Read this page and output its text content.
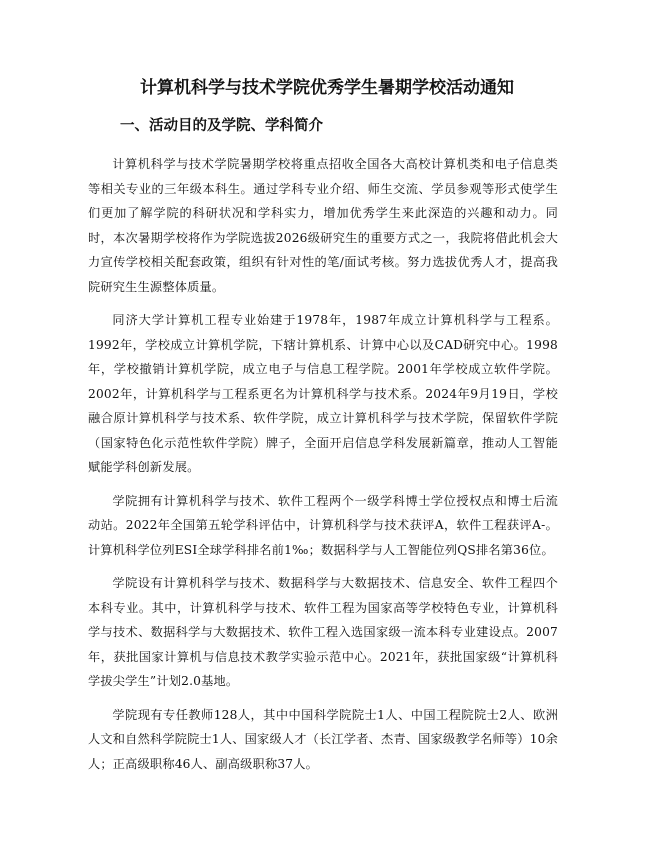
计算机科学与技术学院优秀学生暑期学校活动通知
一、活动目的及学院、学科简介

计算机科学与技术学院暑期学校将重点招收全国各大高校计算机类和电子信息类等相关专业的三年级本科生。通过学科专业介绍、师生交流、学员参观等形式使学生们更加了解学院的科研状况和学科实力，增加优秀学生来此深造的兴趣和动力。同时，本次暑期学校将作为学院选拔2026级研究生的重要方式之一，我院将借此机会大力宣传学校相关配套政策，组织有针对性的笔/面试考核。努力选拔优秀人才，提高我院研究生生源整体质量。

同济大学计算机工程专业始建于1978年，1987年成立计算机科学与工程系。1992年，学校成立计算机学院，下辖计算机系、计算中心以及CAD研究中心。1998年，学校撤销计算机学院，成立电子与信息工程学院。2001年学校成立软件学院。2002年，计算机科学与工程系更名为计算机科学与技术系。2024年9月19日，学校融合原计算机科学与技术系、软件学院，成立计算机科学与技术学院，保留软件学院（国家特色化示范性软件学院）牌子，全面开启信息学科发展新篇章，推动人工智能赋能学科创新发展。

学院拥有计算机科学与技术、软件工程两个一级学科博士学位授权点和博士后流动站。2022年全国第五轮学科评估中，计算机科学与技术获评A，软件工程获评A-。计算机科学位列ESI全球学科排名前1‰；数据科学与人工智能位列QS排名第36位。

学院设有计算机科学与技术、数据科学与大数据技术、信息安全、软件工程四个本科专业。其中，计算机科学与技术、软件工程为国家高等学校特色专业，计算机科学与技术、数据科学与大数据技术、软件工程入选国家级一流本科专业建设点。2007年，获批国家计算机与信息技术教学实验示范中心。2021年，获批国家级“计算机科学拔尖学生”计划2.0基地。

学院现有专任教师128人，其中中国科学院院士1人、中国工程院院士2人、欧洲人文和自然科学院院士1人、国家级人才（长江学者、杰青、国家级教学名师等）10余人；正高级职称46人、副高级职称37人。
